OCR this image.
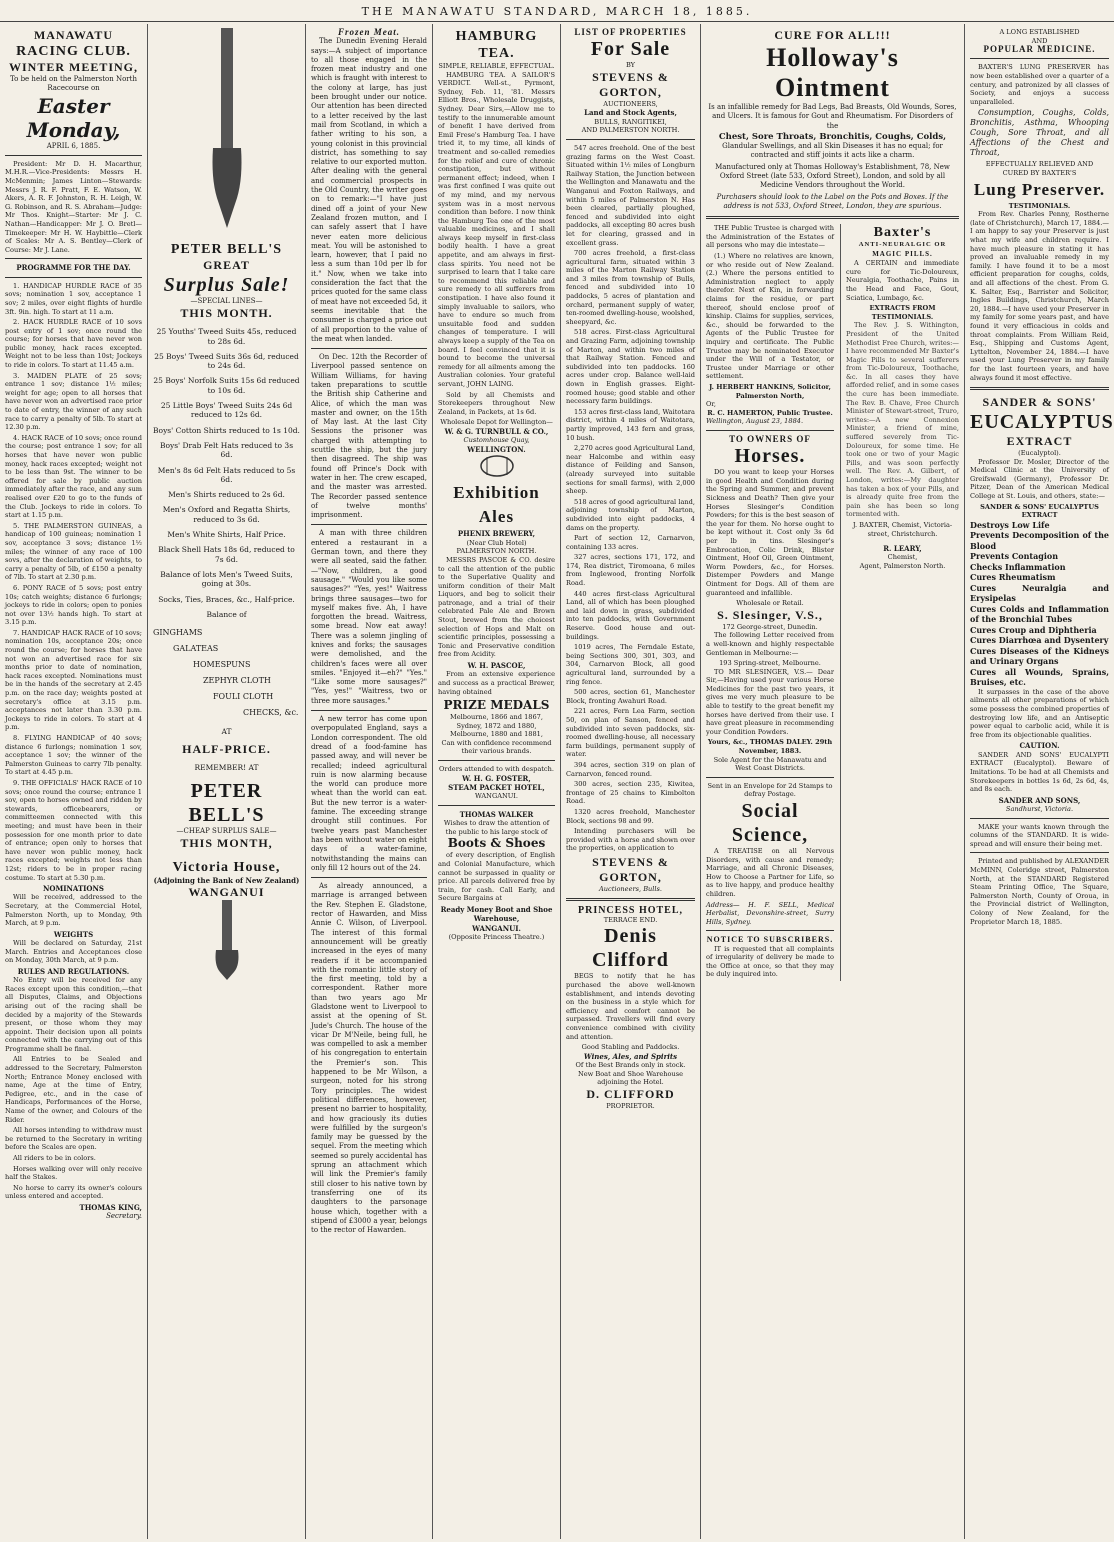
THE MANAWATU STANDARD, MARCH 18, 1885.
MANAWATU
RACING CLUB.
WINTER MEETING,
To be held on the Palmerston North Racecourse on
Easter Monday,
APRIL 6, 1885.

President: Mr D. H. Macarthur, M.H.R.—Vice-Presidents: Messrs H. McMenmin; James Linton—Stewards: Messrs J. R. F. Pratt, F. E. Watson, W. Akers, A. R. F. Johnston, R. H. Leigh, W. G. Robinson, and R. S. Abraham—Judge: Mr Thos. Knight—Starter: Mr J. C. Nathan—Handicapper: Mr J. O. Bretl—Timekeeper: Mr H. W. Haybittle—Clerk of Scales: Mr A. S. Bentley—Clerk of Course: Mr J. Lane.

PROGRAMME FOR THE DAY.

1. HANDICAP HURDLE RACE of 35 sovs; nomination 1 sov, acceptance 1 sov; 2 miles, over eight flights of hurdle 3ft. 9in. high. To start at 11 a.m.

2. HACK HURDLE RACE of 10 sovs post entry of 1 sov; once round the course; for horses that have never won public money, hack races excepted. Weight not to be less than 10st; Jockeys to ride in colors. To start at 11.45 a.m.

3. MAIDEN PLATE of 25 sovs; entrance 1 sov; distance 1½ miles; weight for age; open to all horses that have never won an advertised race prior to date of entry, the winner of any such race to carry a penalty of 5lb. To start at 12.30 p.m.

4. HACK RACE of 10 sovs; once round the course; post entrance 1 sov; for all horses that have never won public money, hack races excepted; weight not to be less than 9st. The winner to be offered for sale by public auction immediately after the race, and any sum realised over £20 to go to the funds of the Club. Jockeys to ride in colors. To start at 1.15 p.m.

5. THE PALMERSTON GUINEAS, a handicap of 100 guineas; nomination 1 sov, acceptance 3 sovs; distance 1½ miles; the winner of any race of 100 sovs, after the declaration of weights, to carry a penalty of 5lb, of £150 a penalty of 7lb. To start at 2.30 p.m.

6. PONY RACE of 5 sovs; post entry 10s; catch weights; distance 6 furlongs; jockeys to ride in colors; open to ponies not over 13½ hands high. To start at 3.15 p.m.

7. HANDICAP HACK RACE of 10 sovs; nomination 10s, acceptance 20s; once round the course; for horses that have not won an advertised race for six months prior to date of nomination, hack races excepted. Nominations must be in the hands of the secretary at 2.45 p.m. on the race day; weights posted at secretary's office at 3.15 p.m. acceptances not later than 3.30 p.m. Jockeys to ride in colors. To start at 4 p.m.

8. FLYING HANDICAP of 40 sovs; distance 6 furlongs; nomination 1 sov, acceptance 1 sov; the winner of the Palmerston Guineas to carry 7lb penalty. To start at 4.45 p.m.

9. THE OFFICIALS' HACK RACE of 10 sovs; once round the course; entrance 1 sov, open to horses owned and ridden by stewards, officebearers, or committeemen connected with this meeting; and must have been in their possession for one month prior to date of entrance; open only to horses that have never won public money, hack races excepted; weights not less than 12st; riders to be in proper racing costume. To start at 5.30 p.m.

NOMINATIONS

Will be received, addressed to the Secretary, at the Commercial Hotel, Palmerston North, up to Monday, 9th March, at 9 p.m.

WEIGHTS

Will be declared on Saturday, 21st March. Entries and Acceptances close on Monday, 30th March, at 9 p.m.

RULES AND REGULATIONS.

No Entry will be received for any Races except upon this condition,—that all Disputes, Claims, and Objections arising out of the racing shall be decided by a majority of the Stewards present, or those whom they may appoint. Their decision upon all points connected with the carrying out of this Programme shall be final.

All Entries to be Sealed and addressed to the Secretary, Palmerston North; Entrance Money enclosed with name, Age at the time of Entry, Pedigree, etc., and in the case of Handicaps, Performances of the Horse, Name of the owner, and Colours of the Rider.

All horses intending to withdraw must be returned to the Secretary in writing before the Scales are open.

All riders to be in colors.

Horses walking over will only receive half the Stakes.

No horse to carry its owner's colours unless entered and accepted.

THOMAS KING,
Secretary.
PETER BELL'S
GREAT
Surplus Sale!
—SPECIAL LINES—
THIS MONTH.
25 Youths' Tweed Suits 45s, reduced to 28s 6d.
25 Boys' Tweed Suits 36s 6d, reduced to 24s 6d.
25 Boys' Norfolk Suits 15s 6d reduced to 10s 6d.
25 Little Boys' Tweed Suits 24s 6d reduced to 12s 6d.
Boys' Cotton Shirts reduced to 1s 10d.
Boys' Drab Felt Hats reduced to 3s 6d.
Men's 8s 6d Felt Hats reduced to 5s 6d.
Men's Shirts reduced to 2s 6d.
Men's Oxford and Regatta Shirts, reduced to 3s 6d.
Men's White Shirts, Half Price.
Black Shell Hats 18s 6d, reduced to 7s 6d.
Balance of lots Men's Tweed Suits, going at 30s.
Socks, Ties, Braces, &c., Half-price.
Balance of
GINGHAMS
GALATEAS
HOMESPUNS
ZEPHYR CLOTH
FOULI CLOTH
CHECKS, &c.
AT
HALF-PRICE.
REMEMBER! AT
PETER BELL'S
—CHEAP SURPLUS SALE—
THIS MONTH,
Victoria House,
(Adjoining the Bank of New Zealand)
WANGANUI
Frozen Meat.

The Dunedin Evening Herald says:—A subject of importance to all those engaged in the frozen meat industry and one which is fraught with interest to the colony at large, has just been brought under our notice. Our attention has been directed to a letter received by the last mail from Scotland, in which a father writing to his son, a young colonist in this provincial district, has something to say relative to our exported mutton. After dealing with the general and commercial prospects in the Old Country, the writer goes on to remark:—"I have just dined off a joint of your New Zealand frozen mutton, and I can safely assert that I have never eaten more delicious meat. You will be astonished to learn, however, that I paid no less a sum than 10d per lb for it." Now, when we take into consideration the fact that the prices quoted for the same class of meat have not exceeded 5d, it seems inevitable that the consumer is charged a price out of all proportion to the value of the meat when landed.

On Dec. 12th the Recorder of Liverpool passed sentence on William Williams, for having taken preparations to scuttle the British ship Catherine and Alice, of which the man was master and owner, on the 15th of May last. At the last City Sessions the prisoner was charged with attempting to scuttle the ship, but the jury then disagreed. The ship was found off Prince's Dock with water in her. The crew escaped, and the master was arrested. The Recorder passed sentence of twelve months' imprisonment.

A man with three children entered a restaurant in a German town, and there they were all seated, said the father.—"Now, children, a good sausage." "Would you like some sausages?" "Yes, yes!" Waitress brings three sausages—two for myself makes five. Ah, I have forgotten the bread. Waitress, some bread. Now eat away! There was a solemn jingling of knives and forks; the sausages were demolished, and the children's faces were all over smiles. "Enjoyed it—eh?" "Yes." "Like some more sausages?" "Yes, yes!" "Waitress, two or three more sausages."

A new terror has come upon overpopulated England, says a London correspondent. The old dread of a food-famine has passed away, and will never be recalled; indeed agricultural ruin is now alarming because the world can produce more wheat than the world can eat. But the new terror is a water-famine. The exceeding strange drought still continues. For twelve years past Manchester has been without water on eight days of a water-famine, notwithstanding the mains can only fill 12 hours out of the 24.

As already announced, a marriage is arranged between the Rev. Stephen E. Gladstone, rector of Hawarden, and Miss Annie C. Wilson, of Liverpool. The interest of this formal announcement will be greatly increased in the eyes of many readers if it be accompanied with the romantic little story of the first meeting, told by a correspondent. Rather more than two years ago Mr Gladstone went to Liverpool to assist at the opening of St. Jude's Church. The house of the vicar Dr M'Neile, being full, he was compelled to ask a member of his congregation to entertain the Premier's son. This happened to be Mr Wilson, a surgeon, noted for his strong Tory principles. The widest political differences, however, present no barrier to hospitality, and how graciously its duties were fulfilled by the surgeon's family may be guessed by the sequel. From the meeting which seemed so purely accidental has sprung an attachment which will link the Premier's family still closer to his native town by transferring one of its daughters to the parsonage house which, together with a stipend of £3000 a year, belongs to the rector of Hawarden.

HAMBURG TEA.
SIMPLE, RELIABLE, EFFECTUAL.

HAMBURG TEA. A SAILOR'S VERDICT. Well-st., Pyrmont, Sydney, Feb. 11, '81. Messrs Elliott Bros., Wholesale Druggists, Sydney. Dear Sirs,—Allow me to testify to the innumerable amount of benefit I have derived from Emil Frese's Hamburg Tea. I have tried it, to my time, all kinds of treatment and so-called remedies for the relief and cure of chronic constipation, but without permanent effect; indeed, when I was first confined I was quite out of my mind, and my nervous system was in a most nervous condition than before. I now think the Hamburg Tea one of the most valuable medicines, and I shall always keep myself in first-class bodily health. I have a great appetite, and am always in first-class spirits. You need not be surprised to learn that I take care to recommend this reliable and sure remedy to all sufferers from constipation. I have also found it simply invaluable to sailors, who have to endure so much from unsuitable food and sudden changes of temperature. I will always keep a supply of the Tea on board. I feel convinced that it is bound to become the universal remedy for all ailments among the Australian colonies. Your grateful servant, JOHN LAING.

Sold by all Chemists and Storekeepers throughout New Zealand, in Packets, at 1s 6d.

Wholesale Depot for Wellington—
W. & G. TURNBULL & CO.,
Customhouse Quay,
WELLINGTON.
Exhibition Ales
PHENIX BREWERY,
(Near Club Hotel)
PALMERSTON NORTH.

MESSRS PASCOE & CO. desire to call the attention of the public to the Superlative Quality and uniform condition of their Malt Liquors, and beg to solicit their patronage, and a trial of their celebrated Pale Ale and Brown Stout, brewed from the choicest selection of Hops and Malt on scientific principles, possessing a Tonic and Preservative condition free from Acidity.

W. H. PASCOE,

From an extensive experience and success as a practical Brewer, having obtained

PRIZE MEDALS
Melbourne, 1866 and 1867, Sydney, 1872 and 1880, Melbourne, 1880 and 1881,
Can with confidence recommend their various brands.
Orders attended to with despatch.
W. H. G. FOSTER,
STEAM PACKET HOTEL,
WANGANUI.
THOMAS WALKER
Wishes to draw the attention of the public to his large stock of
Boots & Shoes

of every description, of English and Colonial Manufacture, which cannot be surpassed in quality or price. All parcels delivered free by train, for cash. Call Early, and Secure Bargains at

Ready Money Boot and Shoe Warehouse,
WANGANUI.
(Opposite Princess Theatre.)
LIST OF PROPERTIES
For Sale
BY
STEVENS & GORTON,
AUCTIONEERS,
Land and Stock Agents,
BULLS, RANGITIKEI,
AND PALMERSTON NORTH.

547 acres freehold. One of the best grazing farms on the West Coast. Situated within 1½ miles of Longburn Railway Station, the Junction between the Wellington and Manawatu and the Wanganui and Foxton Railways, and within 5 miles of Palmerston N. Has been cleared, partially ploughed, fenced and subdivided into eight paddocks, all excepting 80 acres bush let for clearing, grassed and in excellent grass.

700 acres freehold, a first-class agricultural farm, situated within 3 miles of the Marton Railway Station and 3 miles from township of Bulls, fenced and subdivided into 10 paddocks, 5 acres of plantation and orchard, permanent supply of water, ten-roomed dwelling-house, woolshed, sheepyard, &c.

518 acres. First-class Agricultural and Grazing Farm, adjoining township of Marton, and within two miles of that Railway Station. Fenced and subdivided into ten paddocks. 160 acres under crop. Balance well-laid down in English grasses. Eight-roomed house; good stable and other necessary farm buildings.

153 acres first-class land, Waitotara district, within 4 miles of Waitotara, partly improved, 143 fern and grass, 10 bush.

2,270 acres good Agricultural Land, near Halcombe and within easy distance of Feilding and Sanson, (already surveyed into suitable sections for small farms), with 2,000 sheep.

518 acres of good agricultural land, adjoining township of Marton, subdivided into eight paddocks, 4 dams on the property.

Part of section 12, Carnarvon, containing 133 acres.

327 acres, sections 171, 172, and 174, Rea district, Tiromoana, 6 miles from Inglewood, fronting Norfolk Road.

440 acres first-class Agricultural Land, all of which has been ploughed and laid down in grass, subdivided into ten paddocks, with Government Reserve. Good house and out-buildings.

1019 acres, The Ferndale Estate, being Sections 300, 301, 303, and 304, Carnarvon Block, all good agricultural land, surrounded by a ring fence.

500 acres, section 61, Manchester Block, fronting Awahuri Road.

221 acres, Fern Lea Farm, section 50, on plan of Sanson, fenced and subdivided into seven paddocks, six-roomed dwelling-house, all necessary farm buildings, permanent supply of water.

394 acres, section 319 on plan of Carnarvon, fenced round.

300 acres, section 235, Kiwitea, frontage of 25 chains to Kimbolton Road.

1320 acres freehold, Manchester Block, sections 98 and 99.

Intending purchasers will be provided with a horse and shown over the properties, on application to

STEVENS & GORTON,
Auctioneers, Bulls.
PRINCESS HOTEL,
TERRACE END.
Denis Clifford

BEGS to notify that he has purchased the above well-known establishment, and intends devoting on the business in a style which for efficiency and comfort cannot be surpassed. Travellers will find every convenience combined with civility and attention.

Good Stabling and Paddocks.
Wines, Ales, and Spirits
Of the Best Brands only in stock.
New Boat and Shoe Warehouse adjoining the Hotel.
D. CLIFFORD
PROPRIETOR.
CURE FOR ALL!!!
Holloway's Ointment

Is an infallible remedy for Bad Legs, Bad Breasts, Old Wounds, Sores, and Ulcers. It is famous for Gout and Rheumatism. For Disorders of the

Chest, Sore Throats, Bronchitis, Coughs, Colds,

Glandular Swellings, and all Skin Diseases it has no equal; for contracted and stiff joints it acts like a charm.

Manufactured only at Thomas Holloway's Establishment, 78, New Oxford Street (late 533, Oxford Street), London, and sold by all Medicine Vendors throughout the World.

Purchasers should look to the Label on the Pots and Boxes. If the address is not 533, Oxford Street, London, they are spurious.

THE Public Trustee is charged with the Administration of the Estates of all persons who may die intestate—

(1.) Where no relatives are known, or who reside out of New Zealand. (2.) Where the persons entitled to Administration neglect to apply therefor. Next of Kin, in forwarding claims for the residue, or part thereof, should enclose proof of kinship. Claims for supplies, services, &c., should be forwarded to the Agents of the Public Trustee for inquiry and certificate. The Public Trustee may be nominated Executor under the Will of a Testator, or Trustee under Marriage or other settlement.

J. HERBERT HANKINS, Solicitor, Palmerston North,
Or,
R. C. HAMERTON, Public Trustee.
Wellington, August 23, 1884.
TO OWNERS OF
Horses.

DO you want to keep your Horses in good Health and Condition during the Spring and Summer, and prevent Sickness and Death? Then give your Horses Slesinger's Condition Powders; for this is the best season of the year for them. No horse ought to be kept without it. Cost only 3s 6d per lb in tins. Slesinger's Embrocation, Colic Drink, Blister Ointment, Hoof Oil, Green Ointment, Worm Powders, &c., for Horses. Distemper Powders and Mange Ointment for Dogs. All of them are guaranteed and infallible.

Wholesale or Retail.
S. Slesinger, V.S.,
172 George-street, Dunedin.

The following Letter received from a well-known and highly respectable Gentleman in Melbourne:—

193 Spring-street, Melbourne.

TO MR SLESINGER, V.S.— Dear Sir,—Having used your various Horse Medicines for the past two years, it gives me very much pleasure to be able to testify to the great benefit my horses have derived from their use. I have great pleasure in recommending your Condition Powders.

Yours, &c., THOMAS DALEY. 29th November, 1883.
Sole Agent for the Manawatu and West Coast Districts.
Sent in an Envelope for 2d Stamps to defray Postage.
Social Science,

A TREATISE on all Nervous Disorders, with cause and remedy; Marriage, and all Chronic Diseases, How to Choose a Partner for Life, so as to live happy, and produce healthy children.

Address— H. F. SELL, Medical Herbalist, Devonshire-street, Surry Hills, Sydney.
NOTICE TO SUBSCRIBERS.

IT is requested that all complaints of irregularity of delivery be made to the Office at once, so that they may be duly inquired into.

Baxter's
ANTI-NEURALGIC OR
MAGIC PILLS.

A CERTAIN and immediate cure for Tic-Doloureux, Neuralgia, Toothache, Pains in the Head and Face, Gout, Sciatica, Lumbago, &c.

EXTRACTS FROM TESTIMONIALS.

The Rev. J. S. Withington, President of the United Methodist Free Church, writes:—I have recommended Mr Baxter's Magic Pills to several sufferers from Tic-Doloureux, Toothache, &c. In all cases they have afforded relief, and in some cases the cure has been immediate. The Rev. B. Chave, Free Church Minister of Stewart-street, Truro, writes:—A new Connexion Minister, a friend of mine, suffered severely from Tic-Doloureux, for some time. He took one or two of your Magic Pills, and was soon perfectly well. The Rev. A. Gilbert, of London, writes:—My daughter has taken a box of your Pills, and is already quite free from the pain she has been so long tormented with.

J. BAXTER, Chemist, Victoria-street, Christchurch.
R. LEARY,
Chemist,
Agent, Palmerston North.
A LONG ESTABLISHED
AND
POPULAR MEDICINE.

BAXTER'S LUNG PRESERVER has now been established over a quarter of a century, and patronized by all classes of Society, and enjoys a success unparalleled.

Consumption, Coughs, Colds, Bronchitis, Asthma, Whooping Cough, Sore Throat, and all Affections of the Chest and Throat,

EFFECTUALLY RELIEVED AND
CURED BY BAXTER'S
Lung Preserver.
TESTIMONIALS.

From Rev. Charles Penny, Rostherne (late of Christchurch), March 17, 1884.—I am happy to say your Preserver is just what my wife and children require. I have much pleasure in stating it has proved an invaluable remedy in my family. I have found it to be a most efficient preparation for coughs, colds, and all affections of the chest. From G. K. Salter, Esq., Barrister and Solicitor, Ingles Buildings, Christchurch, March 20, 1884.—I have used your Preserver in my family for some years past, and have found it very efficacious in colds and throat complaints. From William Reid, Esq., Shipping and Customs Agent, Lyttelton, November 24, 1884.—I have used your Lung Preserver in my family for the last fourteen years, and have always found it most effective.

SANDER & SONS'
EUCALYPTUS
EXTRACT
(Eucalyptol).

Professor Dr. Mosler, Director of the Medical Clinic at the University of Greifswald (Germany), Professor Dr. Pitzer, Dean of the American Medical College at St. Louis, and others, state:—

SANDER & SONS' EUCALYPTUS EXTRACT
Destroys Low Life
Prevents Decomposition of the Blood
Prevents Contagion
Checks Inflammation
Cures Rheumatism
Cures Neuralgia and Erysipelas
Cures Colds and Inflammation of the Bronchial Tubes
Cures Croup and Diphtheria
Cures Diarrhœa and Dysentery
Cures Diseases of the Kidneys and Urinary Organs
Cures all Wounds, Sprains, Bruises, etc.

It surpasses in the case of the above ailments all other preparations of which some possess the combined properties of destroying low life, and an Antiseptic power equal to carbolic acid, while it is free from its objectionable qualities.

CAUTION.

SANDER AND SONS' EUCALYPTI EXTRACT (Eucalyptol). Beware of Imitations. To be had at all Chemists and Storekeepers in bottles 1s 6d, 2s 6d, 4s, and 8s each.

SANDER AND SONS,
Sandhurst, Victoria.

MAKE your wants known through the columns of the STANDARD. It is wide-spread and will ensure their being met.

Printed and published by ALEXANDER McMINN, Coleridge street, Palmerston North, at the STANDARD Registered Steam Printing Office, The Square, Palmerston North, County of Oroua, in the Provincial district of Wellington, Colony of New Zealand, for the Proprietor March 18, 1885.
